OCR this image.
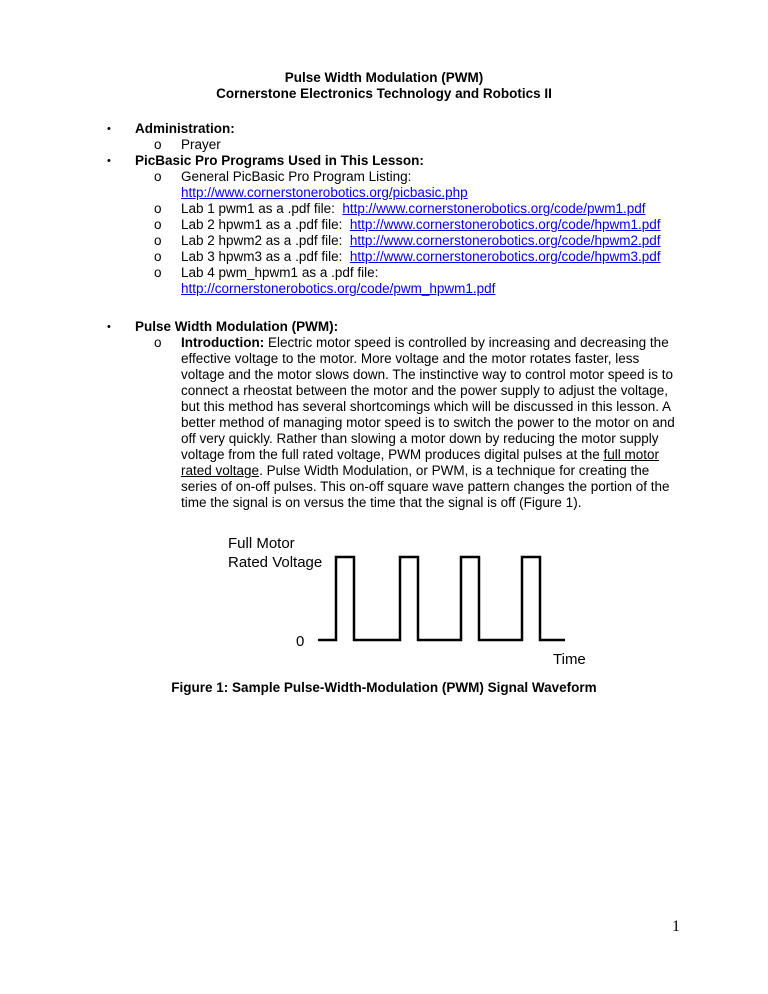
Pulse Width Modulation (PWM)
Cornerstone Electronics Technology and Robotics II
• Administration:
o Prayer
• PicBasic Pro Programs Used in This Lesson:
o General PicBasic Pro Program Listing:
http://www.cornerstonerobotics.org/picbasic.php
o Lab 1 pwm1 as a .pdf file: http://www.cornerstonerobotics.org/code/pwm1.pdf
o Lab 2 hpwm1 as a .pdf file: http://www.cornerstonerobotics.org/code/hpwm1.pdf
o Lab 2 hpwm2 as a .pdf file: http://www.cornerstonerobotics.org/code/hpwm2.pdf
o Lab 3 hpwm3 as a .pdf file: http://www.cornerstonerobotics.org/code/hpwm3.pdf
o Lab 4 pwm_hpwm1 as a .pdf file:
http://cornerstonerobotics.org/code/pwm_hpwm1.pdf
• Pulse Width Modulation (PWM):
o Introduction: Electric motor speed is controlled by increasing and decreasing the effective voltage to the motor. More voltage and the motor rotates faster, less voltage and the motor slows down. The instinctive way to control motor speed is to connect a rheostat between the motor and the power supply to adjust the voltage, but this method has several shortcomings which will be discussed in this lesson. A better method of managing motor speed is to switch the power to the motor on and off very quickly. Rather than slowing a motor down by reducing the motor supply voltage from the full rated voltage, PWM produces digital pulses at the full motor rated voltage. Pulse Width Modulation, or PWM, is a technique for creating the series of on-off pulses. This on-off square wave pattern changes the portion of the time the signal is on versus the time that the signal is off (Figure 1).
Full Motor
Rated Voltage
0
Time
Figure 1: Sample Pulse-Width-Modulation (PWM) Signal Waveform
1
